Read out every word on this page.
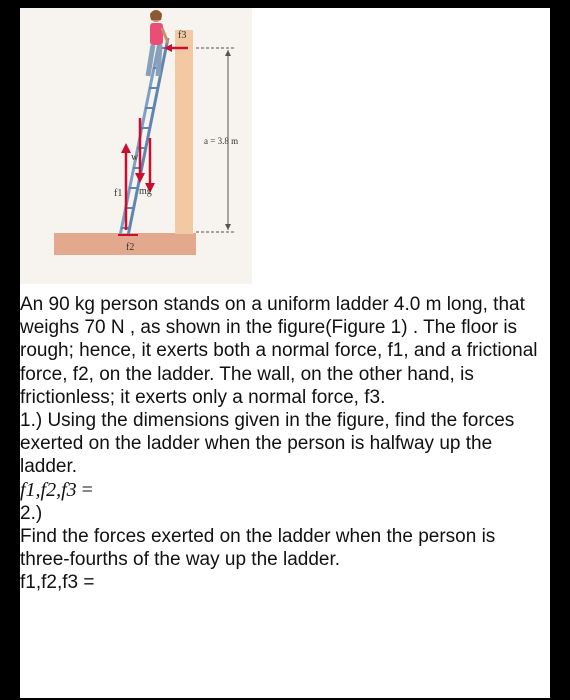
f3
a = 3.8 m
w
f1 mg
f2

An 90 kg person stands on a uniform ladder 4.0 m long, that weighs 70 N , as shown in the figure(Figure 1) . The floor is rough; hence, it exerts both a normal force, f1, and a frictional force, f2, on the ladder. The wall, on the other hand, is frictionless; it exerts only a normal force, f3.

1.) Using the dimensions given in the figure, find the forces exerted on the ladder when the person is halfway up the ladder.

f1,f2,f3 =

2.)

Find the forces exerted on the ladder when the person is three-fourths of the way up the ladder.

f1,f2,f3 =
